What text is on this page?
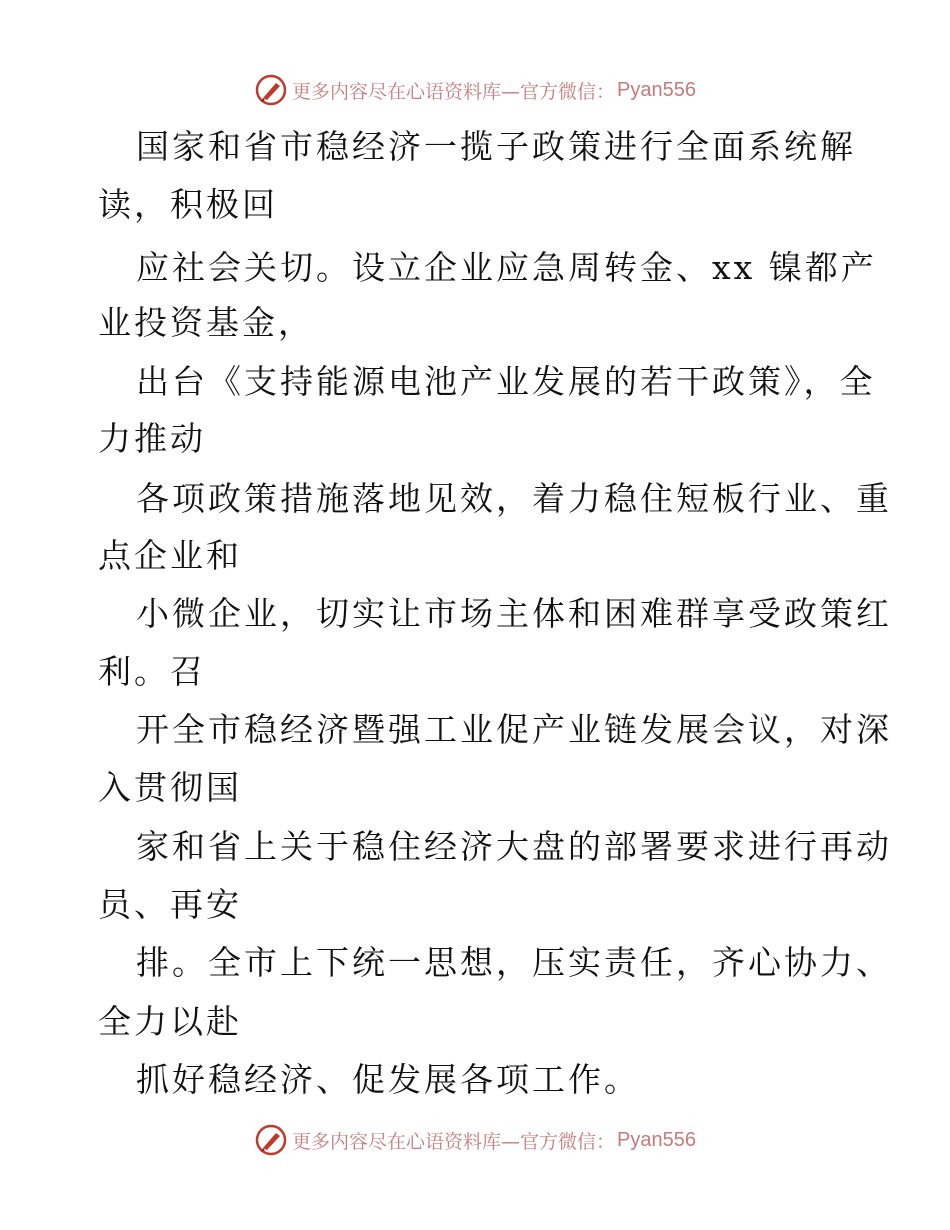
更多内容尽在心语资料库—官方微信： Pyan556
国家和省市稳经济一揽子政策进行全面系统解
读，积极回
应社会关切。设立企业应急周转金、xx 镍都产
业投资基金，
出台《支持能源电池产业发展的若干政策》，全
力推动
各项政策措施落地见效，着力稳住短板行业、重
点企业和
小微企业，切实让市场主体和困难群享受政策红
利。召
开全市稳经济暨强工业促产业链发展会议，对深
入贯彻国
家和省上关于稳住经济大盘的部署要求进行再动
员、再安
排。全市上下统一思想，压实责任，齐心协力、
全力以赴
抓好稳经济、促发展各项工作。
更多内容尽在心语资料库—官方微信： Pyan556
